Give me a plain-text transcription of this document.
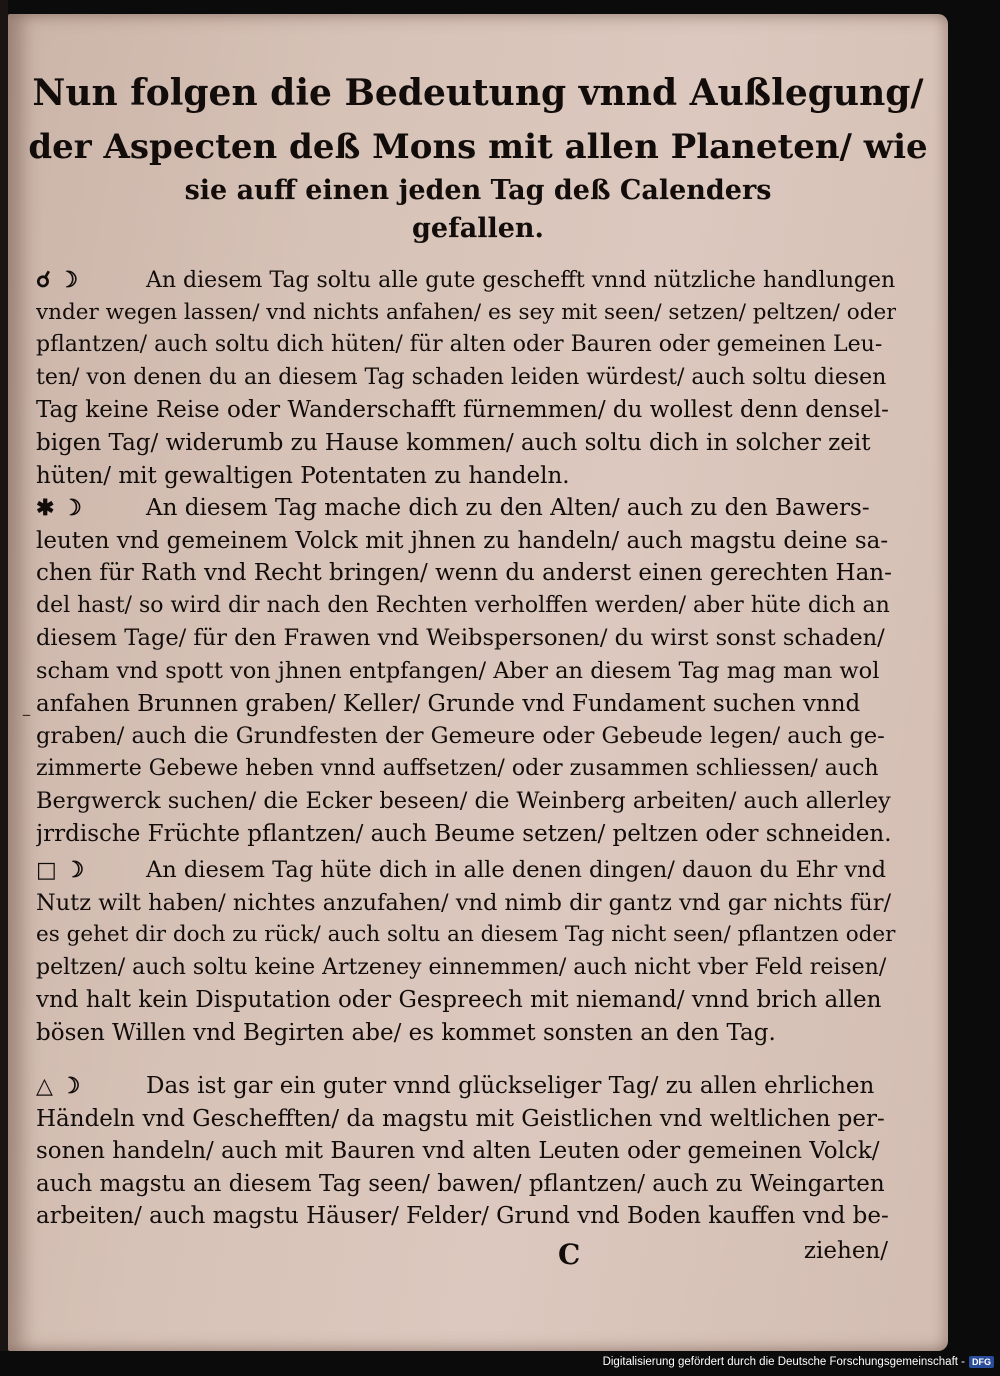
Nun folgen die Bedeutung vnnd Außlegung/
der Aspecten deß Mons mit allen Planeten/ wie
sie auff einen jeden Tag deß Calenders
gefallen.
☌ ☽	An diesem Tag soltu alle gute geschefft vnnd nützliche handlungen
vnder wegen lassen/ vnd nichts anfahen/ es sey mit seen/ setzen/ peltzen/ oder
pflantzen/ auch soltu dich hüten/ für alten oder Bauren oder gemeinen Leu-
ten/ von denen du an diesem Tag schaden leiden würdest/ auch soltu diesen
Tag keine Reise oder Wanderschafft fürnemmen/ du wollest denn densel-
bigen Tag/ widerumb zu Hause kommen/ auch soltu dich in solcher zeit
hüten/ mit gewaltigen Potentaten zu handeln.
✱ ☽	An diesem Tag mache dich zu den Alten/ auch zu den Bawers-
leuten vnd gemeinem Volck mit jhnen zu handeln/ auch magstu deine sa-
chen für Rath vnd Recht bringen/ wenn du anderst einen gerechten Han-
del hast/ so wird dir nach den Rechten verholffen werden/ aber hüte dich an
diesem Tage/ für den Frawen vnd Weibspersonen/ du wirst sonst schaden/
scham vnd spott von jhnen entpfangen/ Aber an diesem Tag mag man wol
anfahen Brunnen graben/ Keller/ Grunde vnd Fundament suchen vnnd
graben/ auch die Grundfesten der Gemeure oder Gebeude legen/ auch ge-
zimmerte Gebewe heben vnnd auffsetzen/ oder zusammen schliessen/ auch
Bergwerck suchen/ die Ecker beseen/ die Weinberg arbeiten/ auch allerley
jrrdische Früchte pflantzen/ auch Beume setzen/ peltzen oder schneiden.
□ ☽	An diesem Tag hüte dich in alle denen dingen/ dauon du Ehr vnd
Nutz wilt haben/ nichtes anzufahen/ vnd nimb dir gantz vnd gar nichts für/
es gehet dir doch zu rück/ auch soltu an diesem Tag nicht seen/ pflantzen oder
peltzen/ auch soltu keine Artzeney einnemmen/ auch nicht vber Feld reisen/
vnd halt kein Disputation oder Gespreech mit niemand/ vnnd brich allen
bösen Willen vnd Begirten abe/ es kommet sonsten an den Tag.
△ ☽	Das ist gar ein guter vnnd glückseliger Tag/ zu allen ehrlichen
Händeln vnd Geschefften/ da magstu mit Geistlichen vnd weltlichen per-
sonen handeln/ auch mit Bauren vnd alten Leuten oder gemeinen Volck/
auch magstu an diesem Tag seen/ bawen/ pflantzen/ auch zu Weingarten
arbeiten/ auch magstu Häuser/ Felder/ Grund vnd Boden kauffen vnd be-
C	ziehen/
–
Digitalisierung gefördert durch die Deutsche Forschungsgemeinschaft - DFG
